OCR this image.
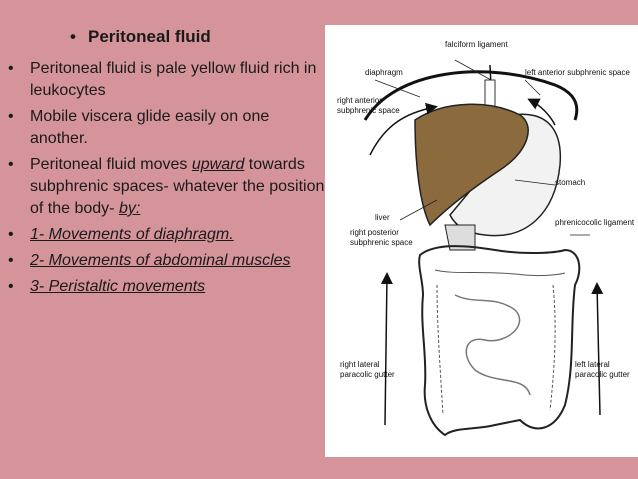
• Peritoneal fluid
• Peritoneal fluid is pale yellow fluid rich in leukocytes
• Mobile viscera glide easily on one another.
• Peritoneal fluid moves upward towards subphrenic spaces- whatever the position of the body- by:
• 1- Movements of diaphragm.
• 2- Movements of abdominal muscles
• 3- Peristaltic movements
falciform ligament
diaphragm	left anterior subphrenic space
right anterior
subphrenic space
stomach
liver
phrenicocolic ligament
right posterior
subphrenic space
right lateral
paracolic gutter
left lateral
paracolic gutter
